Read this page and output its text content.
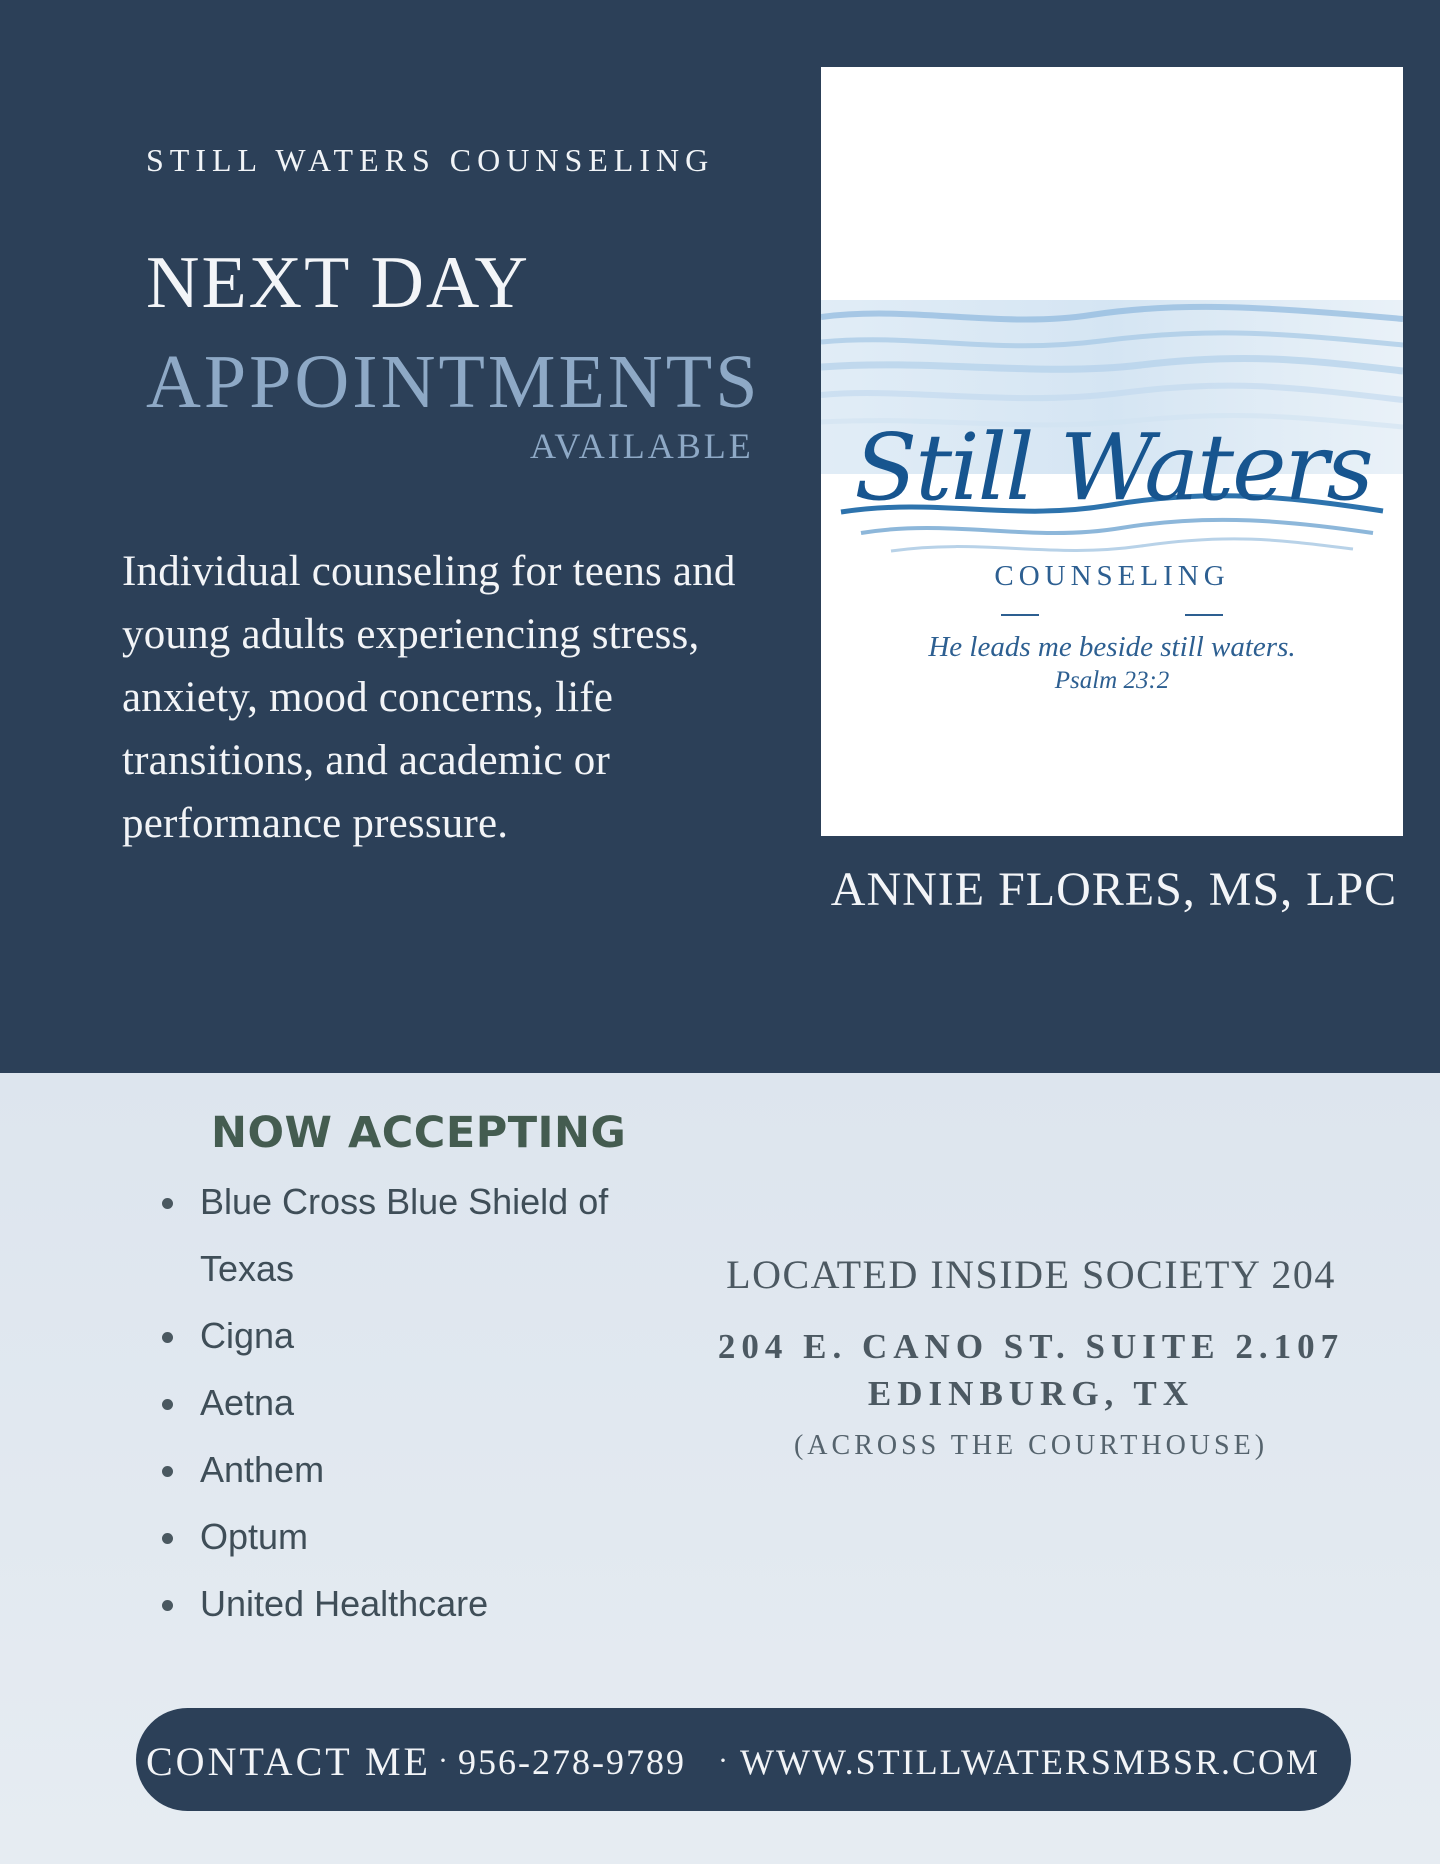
STILL WATERS COUNSELING
NEXT DAY
APPOINTMENTS
AVAILABLE
Individual counseling for teens and young adults experiencing stress, anxiety, mood concerns, life transitions, and academic or performance pressure.
Still Waters
COUNSELING
He leads me beside still waters.
Psalm 23:2
ANNIE FLORES, MS, LPC
NOW ACCEPTING
Blue Cross Blue Shield of Texas
Cigna
Aetna
Anthem
Optum
United Healthcare
LOCATED INSIDE SOCIETY 204
204 E. CANO ST. SUITE 2.107
EDINBURG, TX
(ACROSS THE COURTHOUSE)
CONTACT ME · 956-278-9789 · WWW.STILLWATERSMBSR.COM
